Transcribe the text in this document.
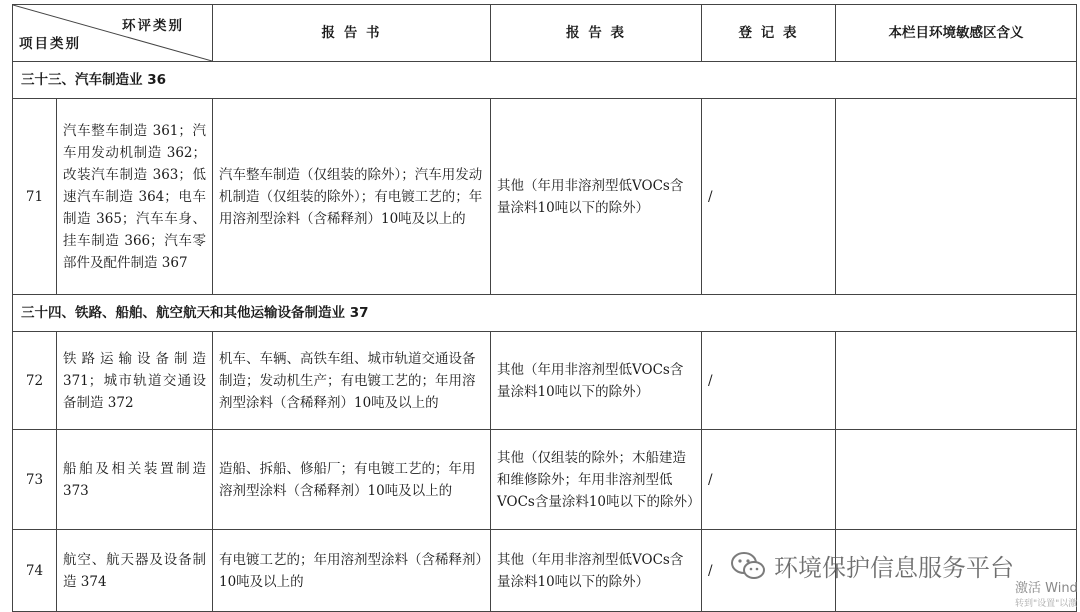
环评类别
项目类别		报 告 书	报 告 表	登 记 表	本栏目环境敏感区含义
三十三、汽车制造业 36					
71	汽车整车制造 361；汽车用发动机制造 362；改装汽车制造 363；低速汽车制造 364；电车制造 365；汽车车身、挂车制造 366；汽车零部件及配件制造 367	汽车整车制造（仅组装的除外）；汽车用发动机制造（仅组装的除外）；有电镀工艺的；年用溶剂型涂料（含稀释剂）10吨及以上的	其他（年用非溶剂型低VOCs含量涂料10吨以下的除外）	/	
三十四、铁路、船舶、航空航天和其他运输设备制造业 37					
72	铁路运输设备制造 371；城市轨道交通设备制造 372	机车、车辆、高铁车组、城市轨道交通设备制造；发动机生产；有电镀工艺的；年用溶剂型涂料（含稀释剂）10吨及以上的	其他（年用非溶剂型低VOCs含量涂料10吨以下的除外）	/	
73	船舶及相关装置制造 373	造船、拆船、修船厂；有电镀工艺的；年用溶剂型涂料（含稀释剂）10吨及以上的	其他（仅组装的除外；木船建造和维修除外；年用非溶剂型低VOCs含量涂料10吨以下的除外）	/	
74	航空、航天器及设备制造 374	有电镀工艺的；年用溶剂型涂料（含稀释剂）10吨及以上的	其他（年用非溶剂型低VOCs含量涂料10吨以下的除外）	/		环境保护信息服务平台
激活 Wind
转到"设置"以激
